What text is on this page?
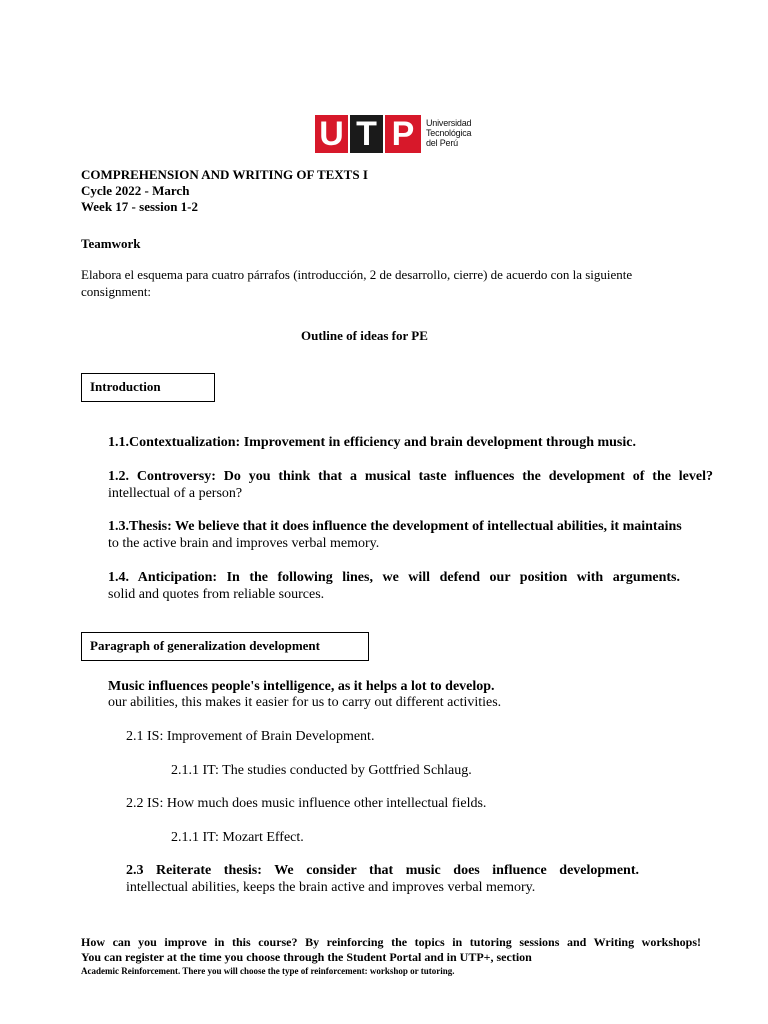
U T P	Universidad
Tecnológica
del Perú
COMPREHENSION AND WRITING OF TEXTS I
Cycle 2022 - March
Week 17 - session 1-2
Teamwork
Elabora el esquema para cuatro párrafos (introducción, 2 de desarrollo, cierre) de acuerdo con la siguiente
consignment:
Outline of ideas for PE
Introduction
1.1.Contextualization: Improvement in efficiency and brain development through music.
1.2. Controversy: Do you think that a musical taste influences the development of the level?
intellectual of a person?
1.3.Thesis: We believe that it does influence the development of intellectual abilities, it maintains
to the active brain and improves verbal memory.
1.4. Anticipation: In the following lines, we will defend our position with arguments.
solid and quotes from reliable sources.
Paragraph of generalization development
Music influences people's intelligence, as it helps a lot to develop.
our abilities, this makes it easier for us to carry out different activities.
2.1 IS: Improvement of Brain Development.
2.1.1 IT: The studies conducted by Gottfried Schlaug.
2.2 IS: How much does music influence other intellectual fields.
2.1.1 IT: Mozart Effect.
2.3 Reiterate thesis: We consider that music does influence development.
intellectual abilities, keeps the brain active and improves verbal memory.
How can you improve in this course? By reinforcing the topics in tutoring sessions and Writing workshops!
You can register at the time you choose through the Student Portal and in UTP+, section
Academic Reinforcement. There you will choose the type of reinforcement: workshop or tutoring.
